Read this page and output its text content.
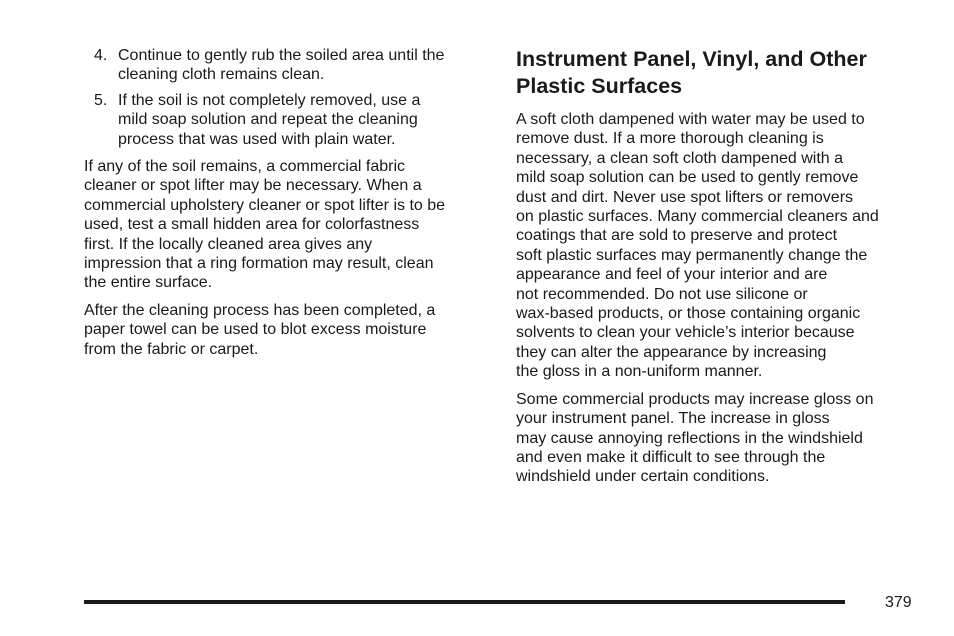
4. Continue to gently rub the soiled area until the
cleaning cloth remains clean.

5. If the soil is not completely removed, use a
mild soap solution and repeat the cleaning
process that was used with plain water.

If any of the soil remains, a commercial fabric
cleaner or spot lifter may be necessary. When a
commercial upholstery cleaner or spot lifter is to be
used, test a small hidden area for colorfastness
first. If the locally cleaned area gives any
impression that a ring formation may result, clean
the entire surface.

After the cleaning process has been completed, a
paper towel can be used to blot excess moisture
from the fabric or carpet.

Instrument Panel, Vinyl, and Other
Plastic Surfaces

A soft cloth dampened with water may be used to
remove dust. If a more thorough cleaning is
necessary, a clean soft cloth dampened with a
mild soap solution can be used to gently remove
dust and dirt. Never use spot lifters or removers
on plastic surfaces. Many commercial cleaners and
coatings that are sold to preserve and protect
soft plastic surfaces may permanently change the
appearance and feel of your interior and are
not recommended. Do not use silicone or
wax-based products, or those containing organic
solvents to clean your vehicle’s interior because
they can alter the appearance by increasing
the gloss in a non-uniform manner.

Some commercial products may increase gloss on
your instrument panel. The increase in gloss
may cause annoying reflections in the windshield
and even make it difficult to see through the
windshield under certain conditions.

379
